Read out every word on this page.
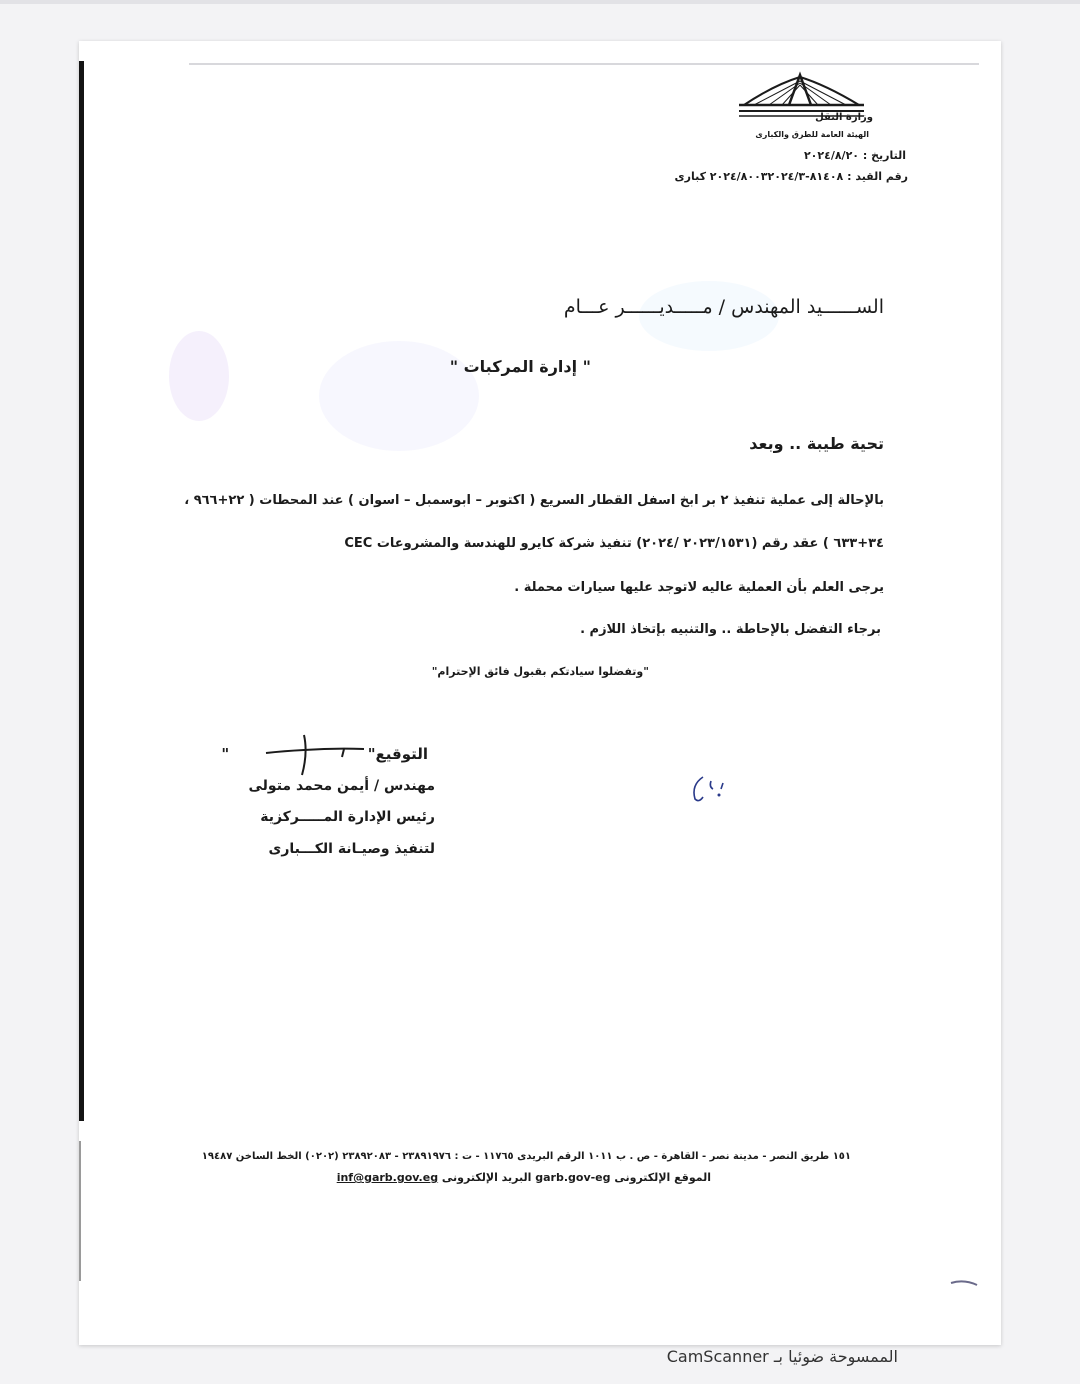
وزارة النقل
الهيئة العامة للطرق والكبارى
التاريخ : ٢٠٢٤/٨/٢٠
رقم القيد : ٨١٤٠٨-٢٠٢٤/٨٠٠٣٢٠٢٤/٣ كبارى
الســــــيد المهندس / مـــــديــــــر عـــام
" إدارة المركبات "
تحية طيبة .. وبعد
بالإحالة إلى عملية تنفيذ ٢ بر ابخ اسفل القطار السريع ( اكتوبر – ابوسمبل – اسوان ) عند المحطات ( ٢٢+٩٦٦ ،
٣٤+٦٣٣ ) عقد رقم (٢٠٢٣/١٥٣١ /٢٠٢٤) تنفيذ شركة كايرو للهندسة والمشروعات CEC
يرجى العلم بأن العملية عاليه لاتوجد عليها سيارات محملة .
برجاء التفضل بالإحاطة .. والتنبيه بإتخاذ اللازم .
"وتفضلوا سيادتكم بقبول فائق الإحترام"
التوقيع"  "
مهندس / أيمن محمد متولى
رئيس الإدارة المـــــركزية
لتنفيذ وصيـانة الكـــبارى
١٥١ طريق النصر - مدينة نصر - القاهرة - ص . ب ١٠١١ الرقم البريدى ١١٧٦٥ - ت : ٢٣٨٩١٩٧٦ - ٢٣٨٩٢٠٨٣ (٠٢٠٢) الخط الساخن ١٩٤٨٧
الموقع الإلكترونى garb.gov-eg البريد الإلكترونى inf@garb.gov.eg
الممسوحة ضوئيا بـ CamScanner
